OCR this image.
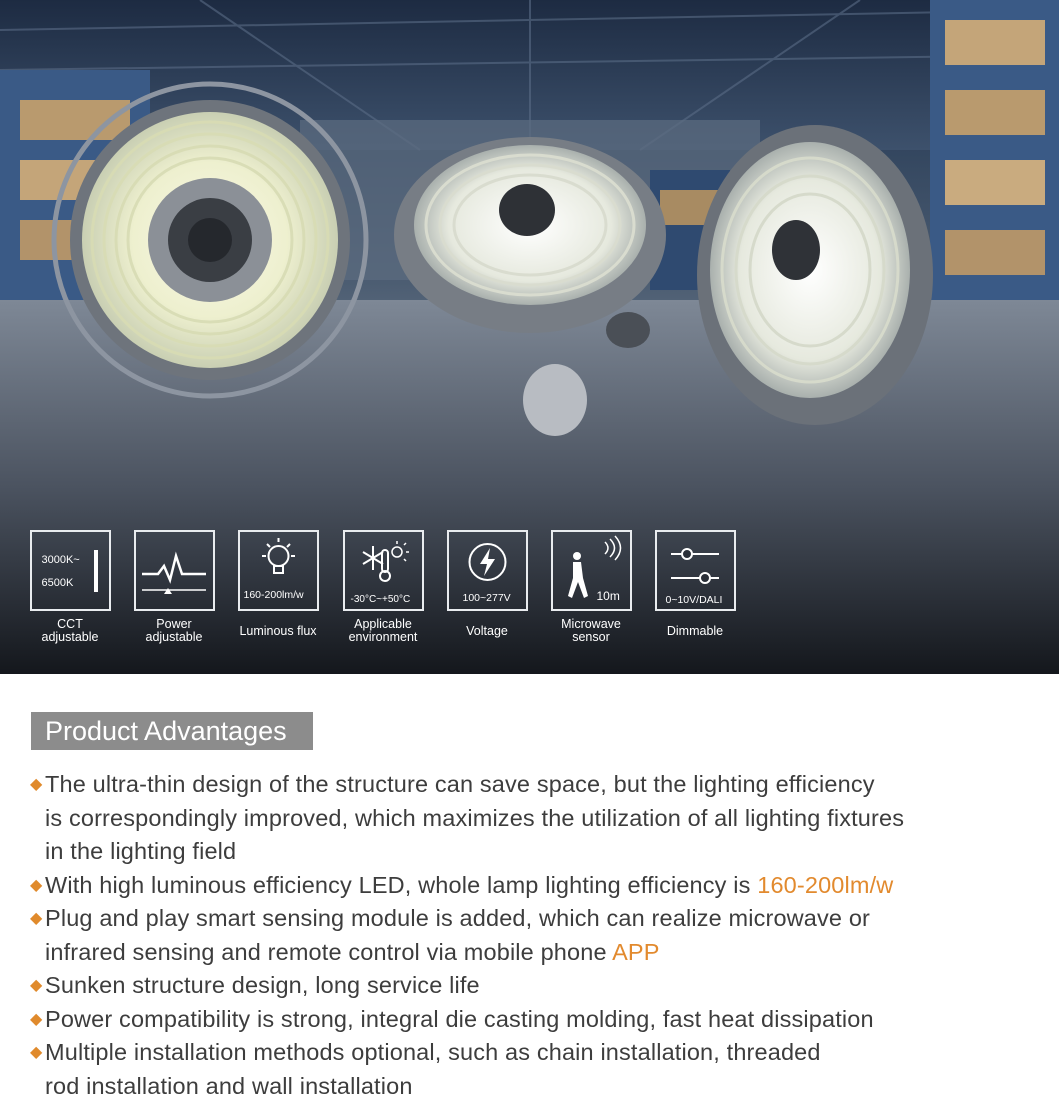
3000K~
6500K
CCT
adjustable
Power
adjustable
160-200lm/w
Luminous flux
-30°C~+50°C
Applicable
environment
100~277V
Voltage
10m
Microwave
sensor
0~10V/DALI
Dimmable
Product Advantages
◆ The ultra-thin design of the structure can save space, but the lighting efficiency
is correspondingly improved, which maximizes the utilization of all lighting fixtures
in the lighting field
◆ With high luminous efficiency LED, whole lamp lighting efficiency is 160-200lm/w
◆ Plug and play smart sensing module is added, which can realize microwave or
infrared sensing and remote control via mobile phone APP
◆ Sunken structure design, long service life
◆ Power compatibility is strong, integral die casting molding, fast heat dissipation
◆ Multiple installation methods optional, such as chain installation, threaded
rod installation and wall installation
